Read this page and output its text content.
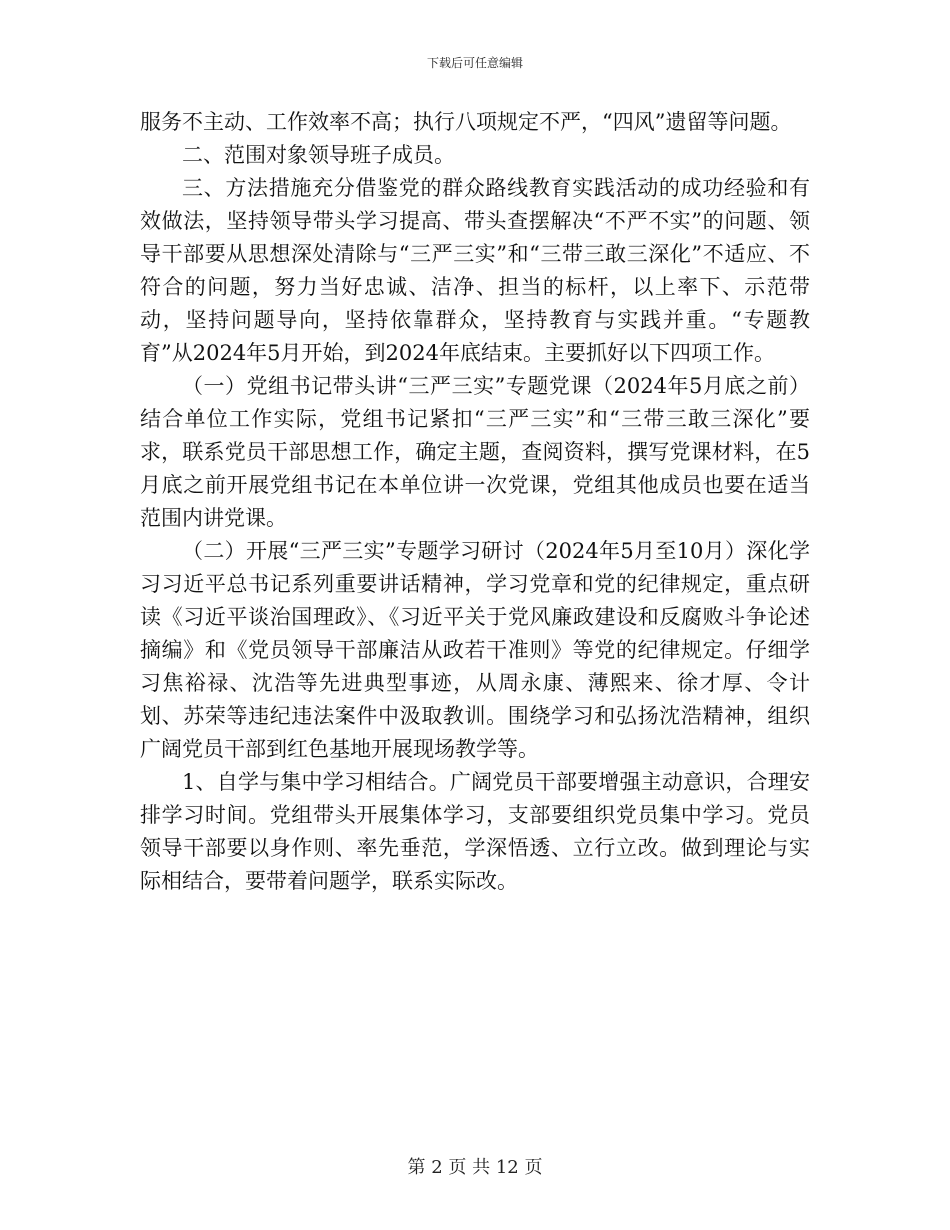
下载后可任意编辑

服务不主动、工作效率不高；执行八项规定不严，“四风”遗留等问题。

二、范围对象领导班子成员。

三、方法措施充分借鉴党的群众路线教育实践活动的成功经验和有效做法，坚持领导带头学习提高、带头查摆解决“不严不实”的问题、领导干部要从思想深处清除与“三严三实”和“三带三敢三深化”不适应、不符合的问题，努力当好忠诚、洁净、担当的标杆，以上率下、示范带动，坚持问题导向，坚持依靠群众，坚持教育与实践并重。“专题教育”从2024年5月开始，到2024年底结束。主要抓好以下四项工作。

（一）党组书记带头讲“三严三实”专题党课（2024年5月底之前）结合单位工作实际，党组书记紧扣“三严三实”和“三带三敢三深化”要求，联系党员干部思想工作，确定主题，查阅资料，撰写党课材料，在5月底之前开展党组书记在本单位讲一次党课，党组其他成员也要在适当范围内讲党课。

（二）开展“三严三实”专题学习研讨（2024年5月至10月）深化学习习近平总书记系列重要讲话精神，学习党章和党的纪律规定，重点研读《习近平谈治国理政》、《习近平关于党风廉政建设和反腐败斗争论述摘编》和《党员领导干部廉洁从政若干准则》等党的纪律规定。仔细学习焦裕禄、沈浩等先进典型事迹，从周永康、薄熙来、徐才厚、令计划、苏荣等违纪违法案件中汲取教训。围绕学习和弘扬沈浩精神，组织广阔党员干部到红色基地开展现场教学等。

1、自学与集中学习相结合。广阔党员干部要增强主动意识，合理安排学习时间。党组带头开展集体学习，支部要组织党员集中学习。党员领导干部要以身作则、率先垂范，学深悟透、立行立改。做到理论与实际相结合，要带着问题学，联系实际改。

第 2 页 共 12 页
